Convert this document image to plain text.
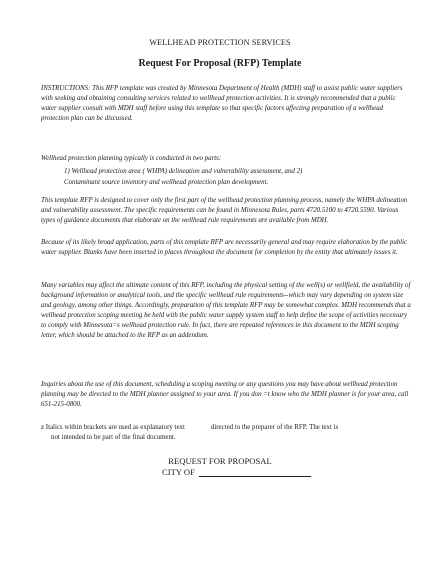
WELLHEAD PROTECTION SERVICES
Request For Proposal (RFP) Template

INSTRUCTIONS: This RFP template was created by Minnesota Department of Health (MDH) staff to assist public water suppliers with seeking and obtaining consulting services related to wellhead protection activities. It is strongly recommended that a public water supplier consult with MDH staff before using this template so that specific factors affecting preparation of a wellhead protection plan can be discussed.

Wellhead protection planning typically is conducted in two parts:

1) Wellhead protection area ( WHPA) delineation and vulnerability assessment, and 2)
Contaminant source inventory and wellhead protection plan development.

This template RFP is designed to cover only the first part of the wellhead protection planning process, namely the WHPA delineation and vulnerability assessment. The specific requirements can be found in Minnesota Rules, parts 4720.5100 to 4720.5590. Various types of guidance documents that elaborate on the wellhead rule requirements are available from MDH.

Because of its likely broad application, parts of this template RFP are necessarily general and may require elaboration by the public water supplier. Blanks have been inserted in places throughout the document for completion by the entity that ultimately issues it.

Many variables may affect the ultimate content of this RFP, including the physical setting of the well(s) or wellfield, the availability of background information or analytical tools, and the specific wellhead rule requirements--which may vary depending on system size and geology, among other things. Accordingly, preparation of this template RFP may be somewhat complex. MDH recommends that a wellhead protection scoping meeting be held with the public water supply system staff to help define the scope of activities necessary to comply with Minnesota=s wellhead protection rule. In fact, there are repeated references in this document to the MDH scoping letter, which should be attached to the RFP as an addendum.

Inquiries about the use of this document, scheduling a scoping meeting or any questions you may have about wellhead protection planning may be directed to the MDH planner assigned to your area. If you don =t know who the MDH planner is for your area, call 651-215-0800.

z Italics within brackets are used as explanatory text	directed to the preparer of the RFP. The text is
not intended to be part of the final document.
REQUEST FOR PROPOSAL
CITY OF
